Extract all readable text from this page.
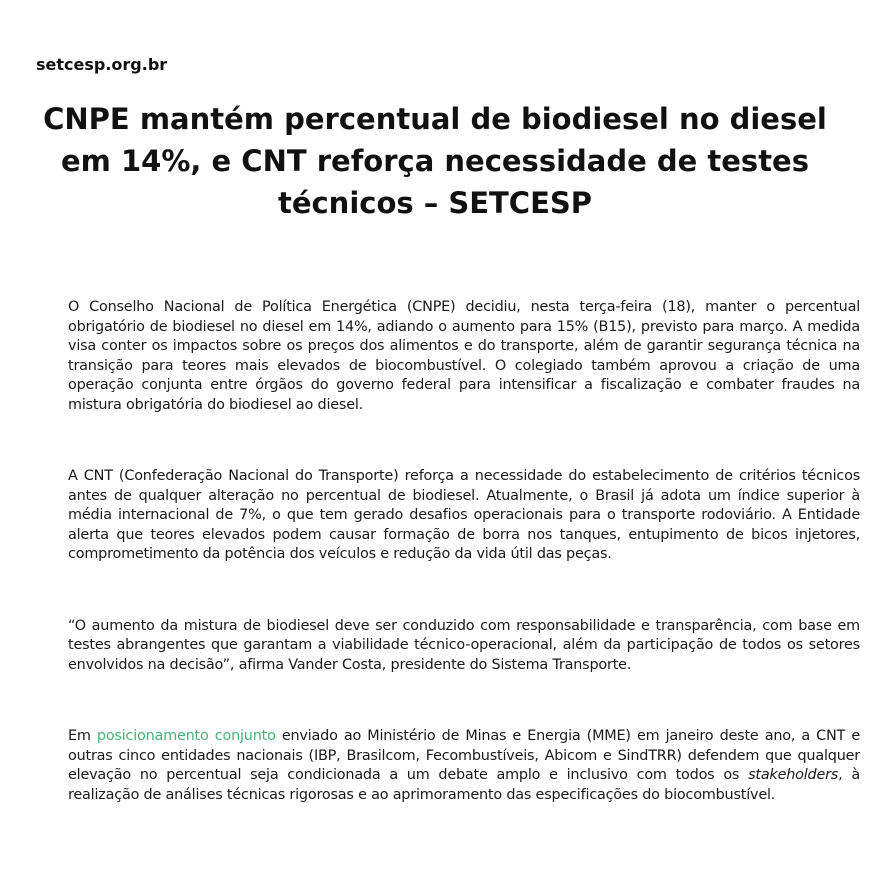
setcesp.org.br
CNPE mantém percentual de biodiesel no diesel em 14%, e CNT reforça necessidade de testes técnicos – SETCESP

O Conselho Nacional de Política Energética (CNPE) decidiu, nesta terça-feira (18), manter o percentual obrigatório de biodiesel no diesel em 14%, adiando o aumento para 15% (B15), previsto para março. A medida visa conter os impactos sobre os preços dos alimentos e do transporte, além de garantir segurança técnica na transição para teores mais elevados de biocombustível. O colegiado também aprovou a criação de uma operação conjunta entre órgãos do governo federal para intensificar a fiscalização e combater fraudes na mistura obrigatória do biodiesel ao diesel.

A CNT (Confederação Nacional do Transporte) reforça a necessidade do estabelecimento de critérios técnicos antes de qualquer alteração no percentual de biodiesel. Atualmente, o Brasil já adota um índice superior à média internacional de 7%, o que tem gerado desafios operacionais para o transporte rodoviário. A Entidade alerta que teores elevados podem causar formação de borra nos tanques, entupimento de bicos injetores, comprometimento da potência dos veículos e redução da vida útil das peças.

“O aumento da mistura de biodiesel deve ser conduzido com responsabilidade e transparência, com base em testes abrangentes que garantam a viabilidade técnico-operacional, além da participação de todos os setores envolvidos na decisão”, afirma Vander Costa, presidente do Sistema Transporte.

Em posicionamento conjunto enviado ao Ministério de Minas e Energia (MME) em janeiro deste ano, a CNT e outras cinco entidades nacionais (IBP, Brasilcom, Fecombustíveis, Abicom e SindTRR) defendem que qualquer elevação no percentual seja condicionada a um debate amplo e inclusivo com todos os stakeholders, à realização de análises técnicas rigorosas e ao aprimoramento das especificações do biocombustível.
